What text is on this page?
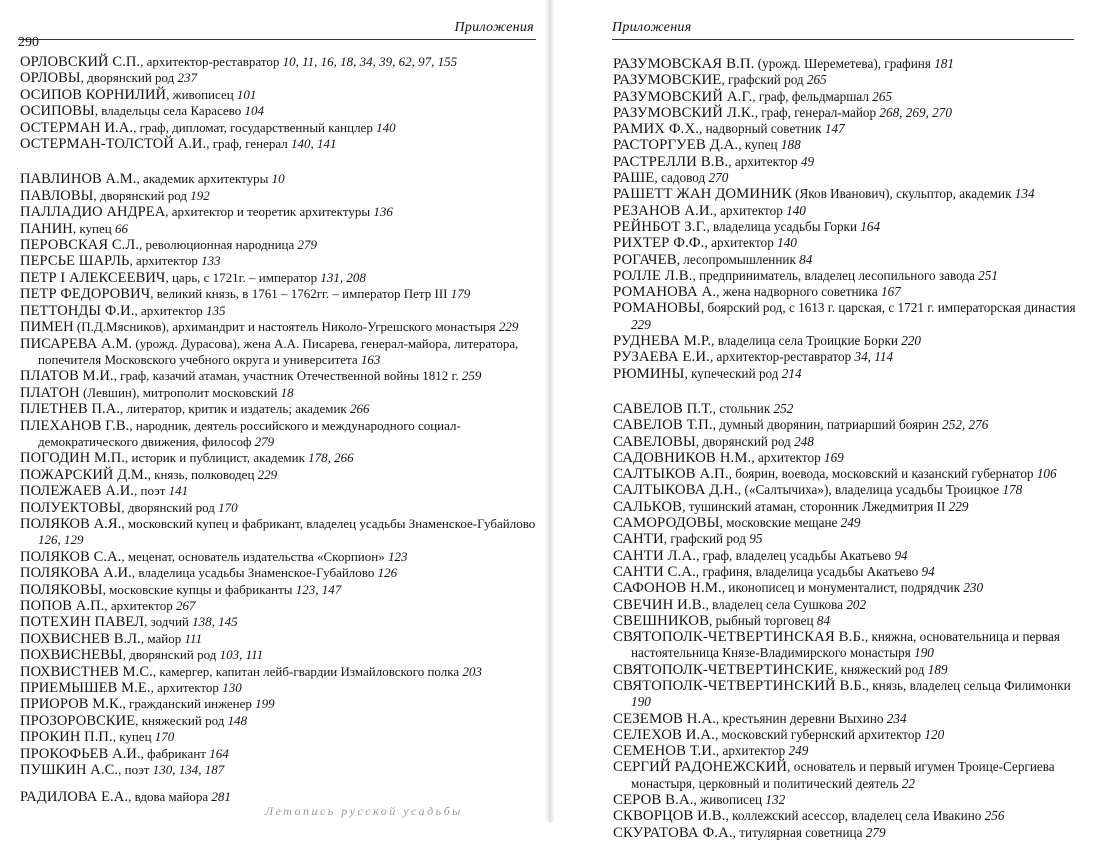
Приложения
290
ОРЛОВСКИЙ С.П., архитектор-реставратор 10, 11, 16, 18, 34, 39, 62, 97, 155
ОРЛОВЫ, дворянский род 237
ОСИПОВ КОРНИЛИЙ, живописец 101
ОСИПОВЫ, владельцы села Карасево 104
ОСТЕРМАН И.А., граф, дипломат, государственный канцлер 140
ОСТЕРМАН-ТОЛСТОЙ А.И., граф, генерал 140, 141
ПАВЛИНОВ А.М., академик архитектуры 10
ПАВЛОВЫ, дворянский род 192
ПАЛЛАДИО АНДРЕА, архитектор и теоретик архитектуры 136
ПАНИН, купец 66
ПЕРОВСКАЯ С.Л., революционная народница 279
ПЕРСЬЕ ШАРЛЬ, архитектор 133
ПЕТР I АЛЕКСЕЕВИЧ, царь, с 1721г. – император 131, 208
ПЕТР ФЕДОРОВИЧ, великий князь, в 1761 – 1762гг. – император Петр III 179
ПЕТТОНДЫ Ф.И., архитектор 135
ПИМЕН (П.Д.Мясников), архимандрит и настоятель Николо-Угрешского монастыря 229
ПИСАРЕВА А.М. (урожд. Дурасова), жена А.А. Писарева, генерал-майора, литератора, попечителя Московского учебного округа и университета 163
ПЛАТОВ М.И., граф, казачий атаман, участник Отечественной войны 1812 г. 259
ПЛАТОН (Левшин), митрополит московский 18
ПЛЕТНЕВ П.А., литератор, критик и издатель; академик 266
ПЛЕХАНОВ Г.В., народник, деятель российского и международного социал-демократического движения, философ 279
ПОГОДИН М.П., историк и публицист, академик 178, 266
ПОЖАРСКИЙ Д.М., князь, полководец 229
ПОЛЕЖАЕВ А.И., поэт 141
ПОЛУЕКТОВЫ, дворянский род 170
ПОЛЯКОВ А.Я., московский купец и фабрикант, владелец усадьбы Знаменское-Губайлово 126, 129
ПОЛЯКОВ С.А., меценат, основатель издательства «Скорпион» 123
ПОЛЯКОВА А.И., владелица усадьбы Знаменское-Губайлово 126
ПОЛЯКОВЫ, московские купцы и фабриканты 123, 147
ПОПОВ А.П., архитектор 267
ПОТЕХИН ПАВЕЛ, зодчий 138, 145
ПОХВИСНЕВ В.Л., майор 111
ПОХВИСНЕВЫ, дворянский род 103, 111
ПОХВИСТНЕВ М.С., камергер, капитан лейб-гвардии Измайловского полка 203
ПРИЕМЫШЕВ М.Е., архитектор 130
ПРИОРОВ М.К., гражданский инженер 199
ПРОЗОРОВСКИЕ, княжеский род 148
ПРОКИН П.П., купец 170
ПРОКОФЬЕВ А.И., фабрикант 164
ПУШКИН А.С., поэт 130, 134, 187
РАДИЛОВА Е.А., вдова майора 281
Приложения
РАЗУМОВСКАЯ В.П. (урожд. Шереметева), графиня 181
РАЗУМОВСКИЕ, графский род 265
РАЗУМОВСКИЙ А.Г., граф, фельдмаршал 265
РАЗУМОВСКИЙ Л.К., граф, генерал-майор 268, 269, 270
РАМИХ Ф.Х., надворный советник 147
РАСТОРГУЕВ Д.А., купец 188
РАСТРЕЛЛИ В.В., архитектор 49
РАШЕ, садовод 270
РАШЕТТ ЖАН ДОМИНИК (Яков Иванович), скульптор, академик 134
РЕЗАНОВ А.И., архитектор 140
РЕЙНБОТ З.Г., владелица усадьбы Горки 164
РИХТЕР Ф.Ф., архитектор 140
РОГАЧЕВ, лесопромышленник 84
РОЛЛЕ Л.В., предприниматель, владелец лесопильного завода 251
РОМАНОВА А., жена надворного советника 167
РОМАНОВЫ, боярский род, с 1613 г. царская, с 1721 г. императорская династия 229
РУДНЕВА М.Р., владелица села Троицкие Борки 220
РУЗАЕВА Е.И., архитектор-реставратор 34, 114
РЮМИНЫ, купеческий род 214
САВЕЛОВ П.Т., стольник 252
САВЕЛОВ Т.П., думный дворянин, патриарший боярин 252, 276
САВЕЛОВЫ, дворянский род 248
САДОВНИКОВ Н.М., архитектор 169
САЛТЫКОВ А.П., боярин, воевода, московский и казанский губернатор 106
САЛТЫКОВА Д.Н., («Салтычиха»), владелица усадьбы Троицкое 178
САЛЬКОВ, тушинский атаман, сторонник Лжедмитрия II 229
САМОРОДОВЫ, московские мещане 249
САНТИ, графский род 95
САНТИ Л.А., граф, владелец усадьбы Акатьево 94
САНТИ С.А., графиня, владелица усадьбы Акатьево 94
САФОНОВ Н.М., иконописец и монументалист, подрядчик 230
СВЕЧИН И.В., владелец села Сушкова 202
СВЕШНИКОВ, рыбный торговец 84
СВЯТОПОЛК-ЧЕТВЕРТИНСКАЯ В.Б., княжна, основательница и первая настоятельница Князе-Владимирского монастыря 190
СВЯТОПОЛК-ЧЕТВЕРТИНСКИЕ, княжеский род 189
СВЯТОПОЛК-ЧЕТВЕРТИНСКИЙ В.Б., князь, владелец сельца Филимонки 190
СЕЗЕМОВ Н.А., крестьянин деревни Выхино 234
СЕЛЕХОВ И.А., московский губернский архитектор 120
СЕМЕНОВ Т.И., архитектор 249
СЕРГИЙ РАДОНЕЖСКИЙ, основатель и первый игумен Троице-Сергиева монастыря, церковный и политический деятель 22
СЕРОВ В.А., живописец 132
СКВОРЦОВ И.В., коллежский асессор, владелец села Ивакино 256
СКУРАТОВА Ф.А., титулярная советница 279
Летопись русской усадьбы
